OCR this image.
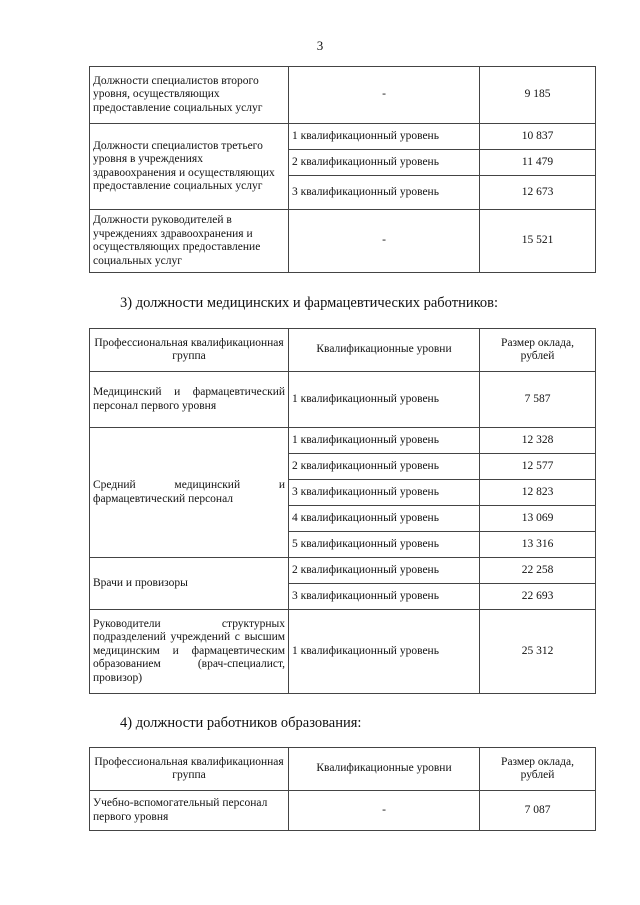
3
Должности специалистов второго уровня, осуществляющих предоставление социальных услуг	-	9 185
Должности специалистов третьего уровня в учреждениях здравоохранения и осуществляющих предоставление социальных услуг	1 квалификационный уровень	10 837
	2 квалификационный уровень	11 479
	3 квалификационный уровень	12 673
Должности руководителей в учреждениях здравоохранения и осуществляющих предоставление социальных услуг	-	15 521
3) должности медицинских и фармацевтических работников:
Профессиональная квалификационная группа	Квалификационные уровни	Размер оклада, рублей
Медицинский и фармацевтический персонал первого уровня	1 квалификационный уровень	7 587
Средний медицинский и фармацевтический персонал	1 квалификационный уровень	12 328
	2 квалификационный уровень	12 577
	3 квалификационный уровень	12 823
	4 квалификационный уровень	13 069
	5 квалификационный уровень	13 316
Врачи и провизоры	2 квалификационный уровень	22 258
	3 квалификационный уровень	22 693
Руководители структурных подразделений учреждений с высшим медицинским и фармацевтическим образованием (врач-специалист, провизор)	1 квалификационный уровень	25 312
4) должности работников образования:
Профессиональная квалификационная группа	Квалификационные уровни	Размер оклада, рублей
Учебно-вспомогательный персонал первого уровня	-	7 087
